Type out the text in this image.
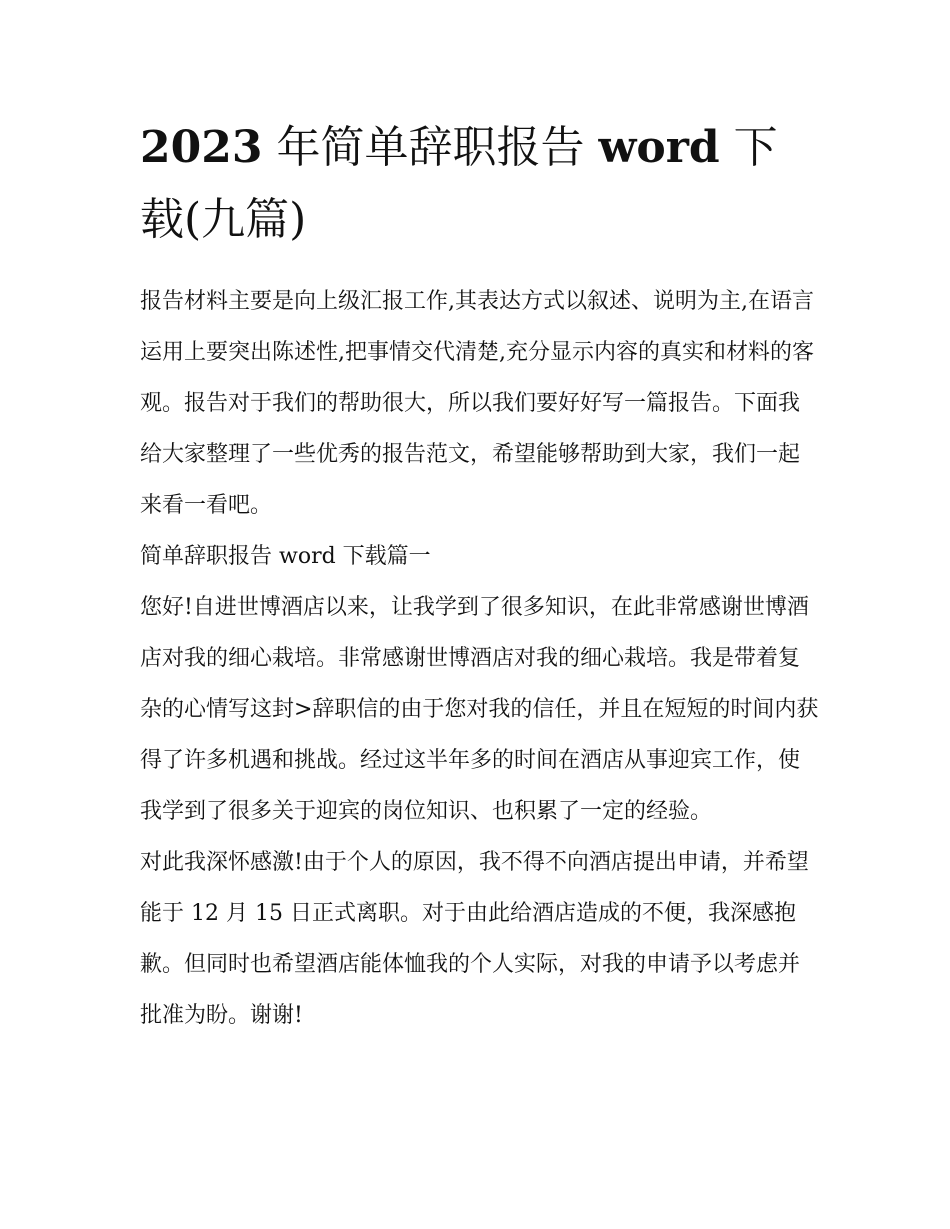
2023 年简单辞职报告 word 下载(九篇)

报告材料主要是向上级汇报工作,其表达方式以叙述、说明为主,在语言运用上要突出陈述性,把事情交代清楚,充分显示内容的真实和材料的客观。报告对于我们的帮助很大，所以我们要好好写一篇报告。下面我给大家整理了一些优秀的报告范文，希望能够帮助到大家，我们一起来看一看吧。

简单辞职报告 word 下载篇一

您好!自进世博酒店以来，让我学到了很多知识，在此非常感谢世博酒店对我的细心栽培。非常感谢世博酒店对我的细心栽培。我是带着复杂的心情写这封>辞职信的由于您对我的信任，并且在短短的时间内获得了许多机遇和挑战。经过这半年多的时间在酒店从事迎宾工作，使我学到了很多关于迎宾的岗位知识、也积累了一定的经验。

对此我深怀感激!由于个人的原因，我不得不向酒店提出申请，并希望能于 12 月 15 日正式离职。对于由此给酒店造成的不便，我深感抱歉。但同时也希望酒店能体恤我的个人实际，对我的申请予以考虑并批准为盼。谢谢!
